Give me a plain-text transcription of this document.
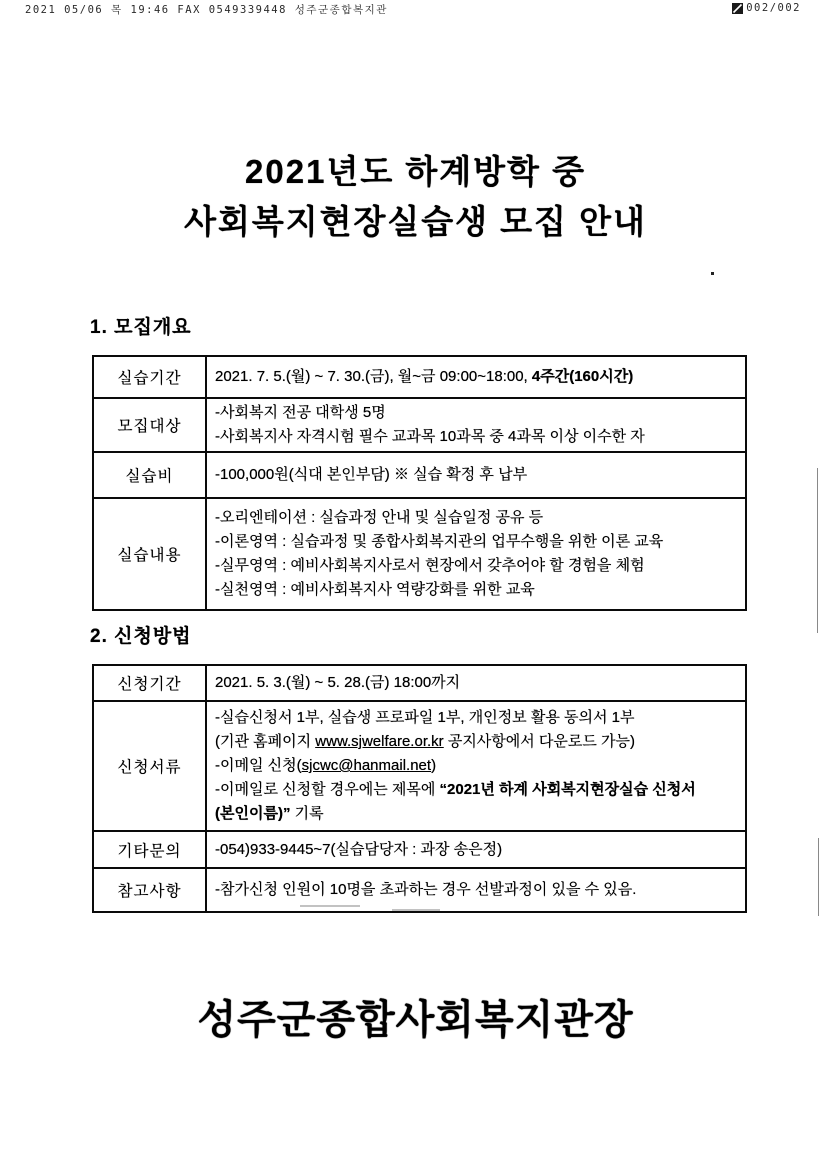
2021 05/06 목 19:46 FAX 0549339448 성주군종합복지관	002/002
2021년도 하계방학 중
사회복지현장실습생 모집 안내
1. 모집개요
실습기간	2021. 7. 5.(월) ~ 7. 30.(금), 월~금 09:00~18:00, 4주간(160시간)

모집대상	-사회복지 전공 대학생 5명
-사회복지사 자격시험 필수 교과목 10과목 중 4과목 이상 이수한 자

실습비	-100,000원(식대 본인부담) ※ 실습 확정 후 납부
실습내용	-오리엔테이션 : 실습과정 안내 및 실습일정 공유 등
-이론영역 : 실습과정 및 종합사회복지관의 업무수행을 위한 이론 교육
-실무영역 : 예비사회복지사로서 현장에서 갖추어야 할 경험을 체험
-실천영역 : 예비사회복지사 역량강화를 위한 교육
2. 신청방법
신청기간	2021. 5. 3.(월) ~ 5. 28.(금) 18:00까지
신청서류	-실습신청서 1부, 실습생 프로파일 1부, 개인정보 활용 동의서 1부
(기관 홈페이지 www.sjwelfare.or.kr 공지사항에서 다운로드 가능)
-이메일 신청(sjcwc@hanmail.net)
-이메일로 신청할 경우에는 제목에 “2021년 하계 사회복지현장실습 신청서
(본인이름)” 기록

기타문의	-054)933-9445~7(실습담당자 : 과장 송은정)
참고사항	-참가신청 인원이 10명을 초과하는 경우 선발과정이 있을 수 있음.
성주군종합사회복지관장
